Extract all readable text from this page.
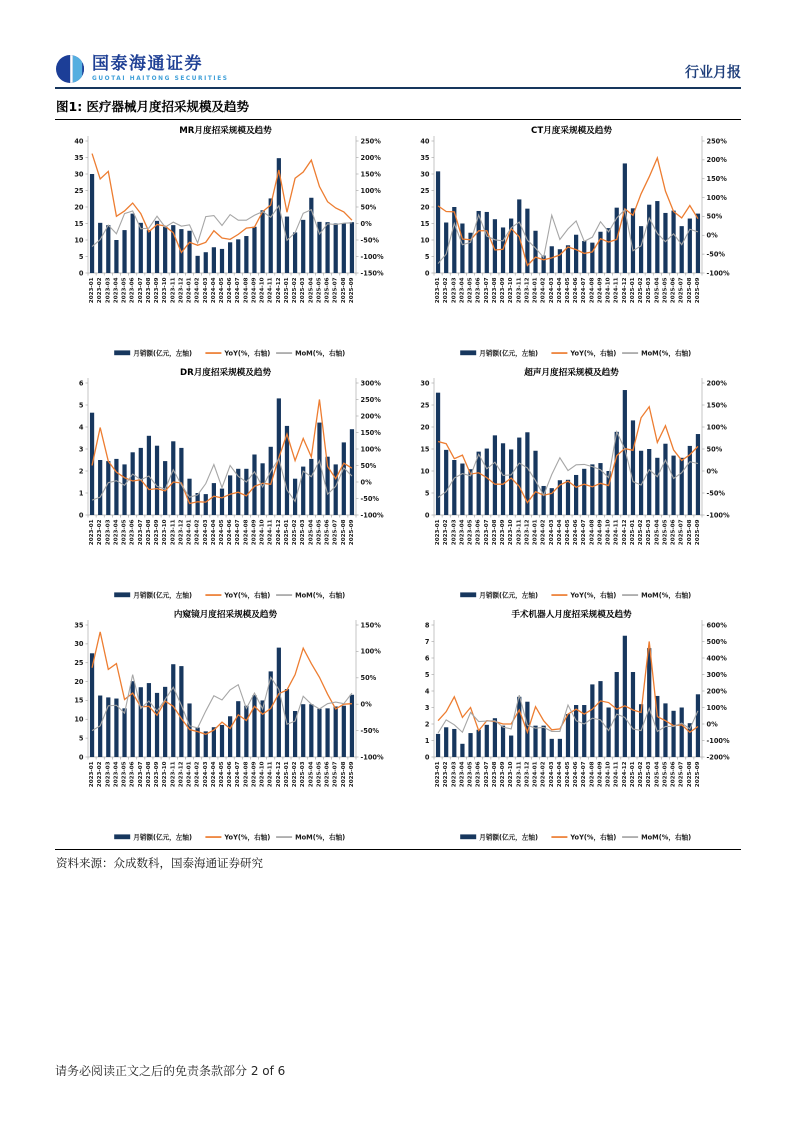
国泰海通证券
GUOTAI HAITONG SECURITIES	行业月报
图1: 医疗器械月度招采规模及趋势
0
5
10
15
20
25
30
35
40
-150%
-100%
-50%
0%
50%
100%
150%
200%
250%
2023-01 2023-02 2023-03 2023-04 2023-05 2023-06 2023-07 2023-08 2023-09 2023-10 2023-11 2023-12 2024-01 2024-02 2024-03 2024-04 2024-05 2024-06 2024-07 2024-08 2024-09 2024-10 2024-11 2024-12 2025-01 2025-02 2025-03 2025-04 2025-05 2025-06 2025-07 2025-08 2025-09
MR月度招采规模及趋势
月销额(亿元，左轴)	YoY(%，右轴)	MoM(%，右轴)
0
5
10
15
20
25
30
35
40
-100%
-50%
0%
50%
100%
150%
200%
250%
2023-01 2023-02 2023-03 2023-04 2023-05 2023-06 2023-07 2023-08 2023-09 2023-10 2023-11 2023-12 2024-01 2024-02 2024-03 2024-04 2024-05 2024-06 2024-07 2024-08 2024-09 2024-10 2024-11 2024-12 2025-01 2025-02 2025-03 2025-04 2025-05 2025-06 2025-07 2025-08 2025-09
CT月度采规模及趋势
月销额(亿元，左轴)	YoY(%，右轴)	MoM(%，右轴)
0
1
2
3
4
5
6
-100%
-50%
0%
50%
100%
150%
200%
250%
300%
2023-01 2023-02 2023-03 2023-04 2023-05 2023-06 2023-07 2023-08 2023-09 2023-10 2023-11 2023-12 2024-01 2024-02 2024-03 2024-04 2024-05 2024-06 2024-07 2024-08 2024-09 2024-10 2024-11 2024-12 2025-01 2025-02 2025-03 2025-04 2025-05 2025-06 2025-07 2025-08 2025-09
DR月度招采规模及趋势
月销额(亿元，左轴)	YoY(%，右轴)	MoM(%，右轴)
0
5
10
15
20
25
30
-100%
-50%
0%
50%
100%
150%
200%
2023-01 2023-02 2023-03 2023-04 2023-05 2023-06 2023-07 2023-08 2023-09 2023-10 2023-11 2023-12 2024-01 2024-02 2024-03 2024-04 2024-05 2024-06 2024-07 2024-08 2024-09 2024-10 2024-11 2024-12 2025-01 2025-02 2025-03 2025-04 2025-05 2025-06 2025-07 2025-08 2025-09
超声月度招采规模及趋势
月销额(亿元，左轴)	YoY(%，右轴)	MoM(%，右轴)
0
5
10
15
20
25
30
35
-100%
-50%
0%
50%
100%
150%
2023-01 2023-02 2023-03 2023-04 2023-05 2023-06 2023-07 2023-08 2023-09 2023-10 2023-11 2023-12 2024-01 2024-02 2024-03 2024-04 2024-05 2024-06 2024-07 2024-08 2024-09 2024-10 2024-11 2024-12 2025-01 2025-02 2025-03 2025-04 2025-05 2025-06 2025-07 2025-08 2025-09
内窥镜月度招采规模及趋势
月销额(亿元，左轴)	YoY(%，右轴)	MoM(%，右轴)
0
1
2
3
4
5
6
7
8
-200%
-100%
0%
100%
200%
300%
400%
500%
600%
2023-01 2023-02 2023-03 2023-04 2023-05 2023-06 2023-07 2023-08 2023-09 2023-10 2023-11 2023-12 2024-01 2024-02 2024-03 2024-04 2024-05 2024-06 2024-07 2024-08 2024-09 2024-10 2024-11 2024-12 2025-01 2025-02 2025-03 2025-04 2025-05 2025-06 2025-07 2025-08 2025-09
手术机器人月度招采规模及趋势
月销额(亿元，左轴)	YoY(%，右轴)	MoM(%，右轴)
资料来源：众成数科，国泰海通证券研究
请务必阅读正文之后的免责条款部分 2 of 6
